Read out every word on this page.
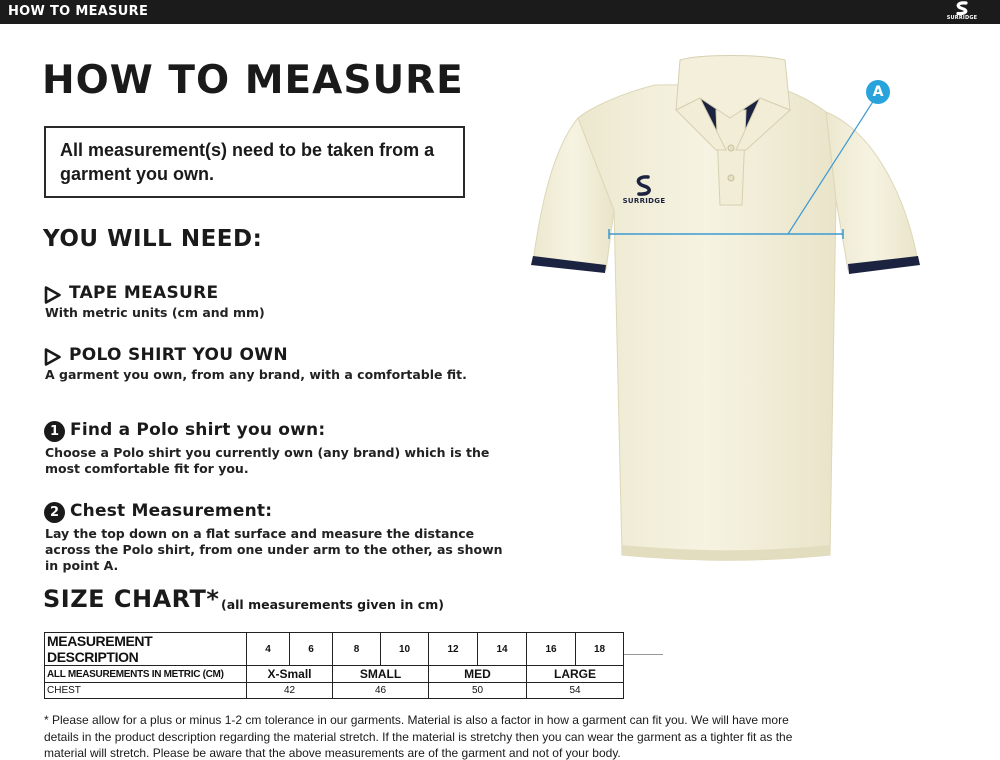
HOW TO MEASURE	SURRIDGE
HOW TO MEASURE
All measurement(s) need to be taken from a garment you own.
YOU WILL NEED:
TAPE MEASURE
With metric units (cm and mm)
POLO SHIRT YOU OWN
A garment you own, from any brand, with a comfortable fit.
1 Find a Polo shirt you own:
Choose a Polo shirt you currently own (any brand) which is the most comfortable fit for you.
2 Chest Measurement:
Lay the top down on a flat surface and measure the distance across the Polo shirt, from one under arm to the other, as shown in point A.
SIZE CHART* (all measurements given in cm)
MEASUREMENT DESCRIPTION	4	6	8	10	12	14	16	18
ALL MEASUREMENTS IN METRIC (CM)	X-Small		SMALL		MED		LARGE	
CHEST	42		46		50		54	
* Please allow for a plus or minus 1-2 cm tolerance in our garments. Material is also a factor in how a garment can fit you. We will have more details in the product description regarding the material stretch. If the material is stretchy then you can wear the garment as a tighter fit as the material will stretch. Please be aware that the above measurements are of the garment and not of your body.
SURRIDGE
A
